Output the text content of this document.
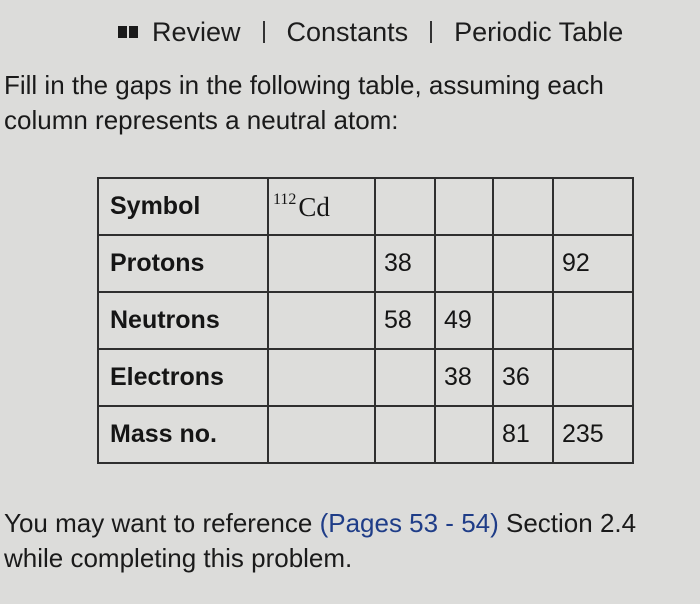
Review Constants Periodic Table
Fill in the gaps in the following table, assuming each column represents a neutral atom:
Symbol	$^{112}$Cd				
Protons		38			92
Neutrons		58	49		
Electrons			38	36	
Mass no.				81	235
You may want to reference (Pages 53 - 54) Section 2.4 while completing this problem.
